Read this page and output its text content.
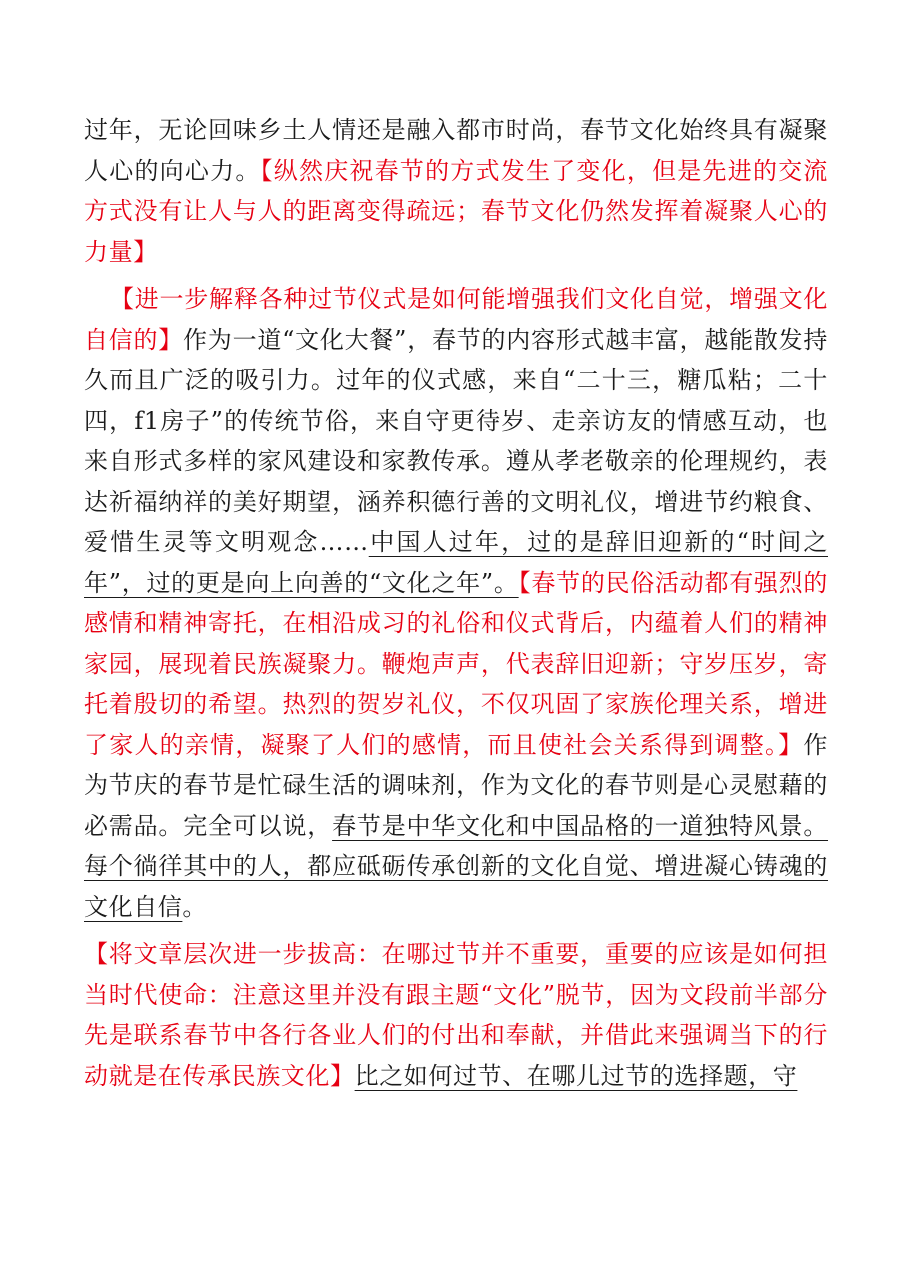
过年，无论回味乡土人情还是融入都市时尚，春节文化始终具有凝聚人心的向心力。【纵然庆祝春节的方式发生了变化，但是先进的交流方式没有让人与人的距离变得疏远；春节文化仍然发挥着凝聚人心的力量】

【进一步解释各种过节仪式是如何能增强我们文化自觉，增强文化自信的】作为一道“文化大餐”，春节的内容形式越丰富，越能散发持久而且广泛的吸引力。过年的仪式感，来自“二十三，糖瓜粘；二十四，f1房子”的传统节俗，来自守更待岁、走亲访友的情感互动，也来自形式多样的家风建设和家教传承。遵从孝老敬亲的伦理规约，表达祈福纳祥的美好期望，涵养积德行善的文明礼仪，增进节约粮食、爱惜生灵等文明观念……中国人过年，过的是辞旧迎新的“时间之年”，过的更是向上向善的“文化之年”。【春节的民俗活动都有强烈的感情和精神寄托，在相沿成习的礼俗和仪式背后，内蕴着人们的精神家园，展现着民族凝聚力。鞭炮声声，代表辞旧迎新；守岁压岁，寄托着殷切的希望。热烈的贺岁礼仪，不仅巩固了家族伦理关系，增进了家人的亲情，凝聚了人们的感情，而且使社会关系得到调整。】作为节庆的春节是忙碌生活的调味剂，作为文化的春节则是心灵慰藉的必需品。完全可以说，春节是中华文化和中国品格的一道独特风景。每个徜徉其中的人，都应砥砺传承创新的文化自觉、增进凝心铸魂的文化自信。

【将文章层次进一步拔高：在哪过节并不重要，重要的应该是如何担当时代使命：注意这里并没有跟主题“文化”脱节，因为文段前半部分先是联系春节中各行各业人们的付出和奉献，并借此来强调当下的行动就是在传承民族文化】比之如何过节、在哪儿过节的选择题，守
